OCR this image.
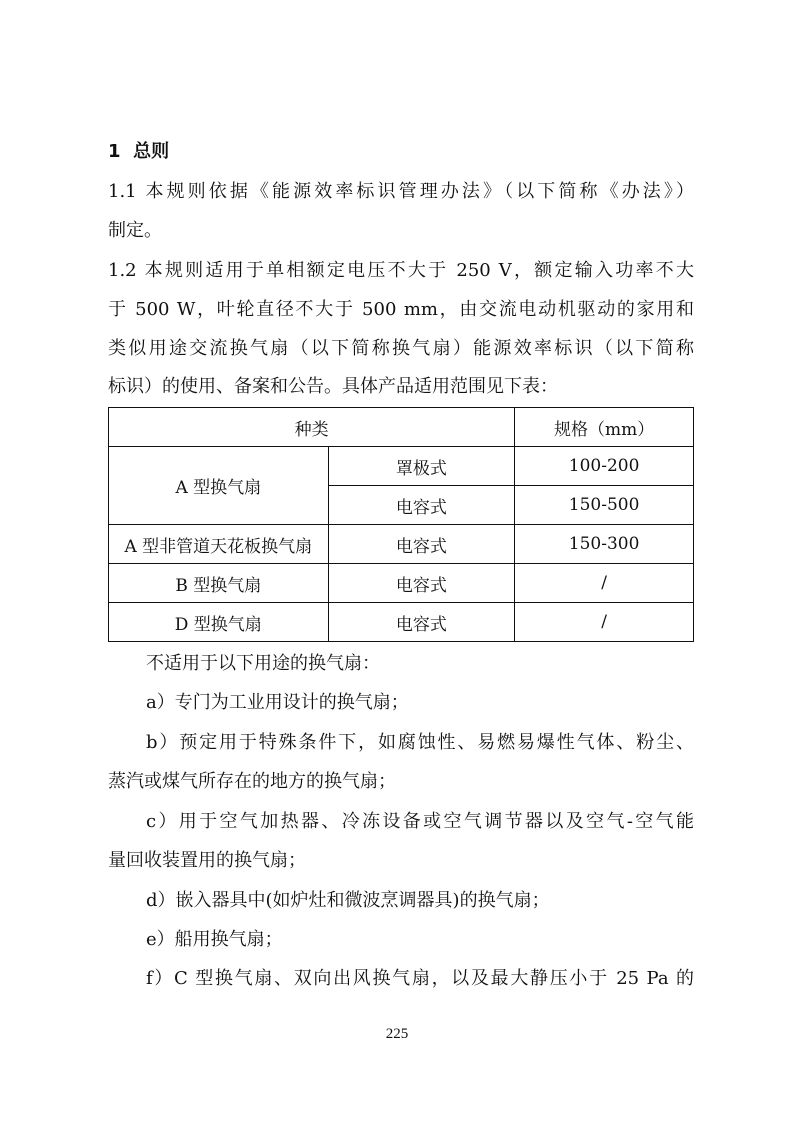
1 总则
1.1 本规则依据《能源效率标识管理办法》（以下简称《办法》）
制定。
1.2 本规则适用于单相额定电压不大于 250 V，额定输入功率不大
于 500 W，叶轮直径不大于 500 mm，由交流电动机驱动的家用和
类似用途交流换气扇（以下简称换气扇）能源效率标识（以下简称
标识）的使用、备案和公告。具体产品适用范围见下表：
种类		规格（mm）
A 型换气扇	罩极式	100-200
	电容式	150-500
A 型非管道天花板换气扇	电容式	150-300
B 型换气扇	电容式	/
D 型换气扇	电容式	/
不适用于以下用途的换气扇：
a）专门为工业用设计的换气扇；
b）预定用于特殊条件下，如腐蚀性、易燃易爆性气体、粉尘、
蒸汽或煤气所存在的地方的换气扇；
c）用于空气加热器、冷冻设备或空气调节器以及空气-空气能
量回收装置用的换气扇；
d）嵌入器具中(如炉灶和微波烹调器具)的换气扇；
e）船用换气扇；
f）C 型换气扇、双向出风换气扇，以及最大静压小于 25 Pa 的
225
